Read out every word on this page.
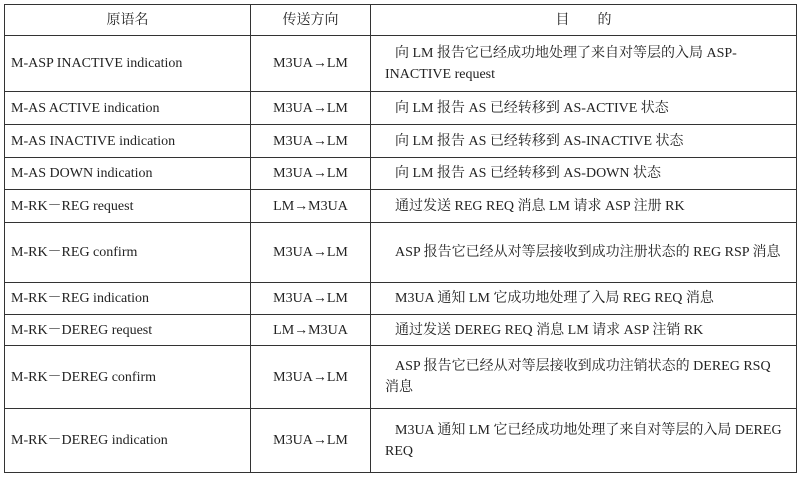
原语名	传送方向	目　　的
M-ASP INACTIVE indication	M3UA→LM	向 LM 报告它已经成功地处理了来自对等层的入局 ASP-INACTIVE request
M-AS ACTIVE indication	M3UA→LM	向 LM 报告 AS 已经转移到 AS-ACTIVE 状态
M-AS INACTIVE indication	M3UA→LM	向 LM 报告 AS 已经转移到 AS-INACTIVE 状态
M-AS DOWN indication	M3UA→LM	向 LM 报告 AS 已经转移到 AS-DOWN 状态
M-RK－REG request	LM→M3UA	通过发送 REG REQ 消息 LM 请求 ASP 注册 RK
M-RK－REG confirm	M3UA→LM	ASP 报告它已经从对等层接收到成功注册状态的 REG RSP 消息
M-RK－REG indication	M3UA→LM	M3UA 通知 LM 它成功地处理了入局 REG REQ 消息
M-RK－DEREG request	LM→M3UA	通过发送 DEREG REQ 消息 LM 请求 ASP 注销 RK
M-RK－DEREG confirm	M3UA→LM	ASP 报告它已经从对等层接收到成功注销状态的 DEREG RSQ 消息
M-RK－DEREG indication	M3UA→LM	M3UA 通知 LM 它已经成功地处理了来自对等层的入局 DEREG REQ
